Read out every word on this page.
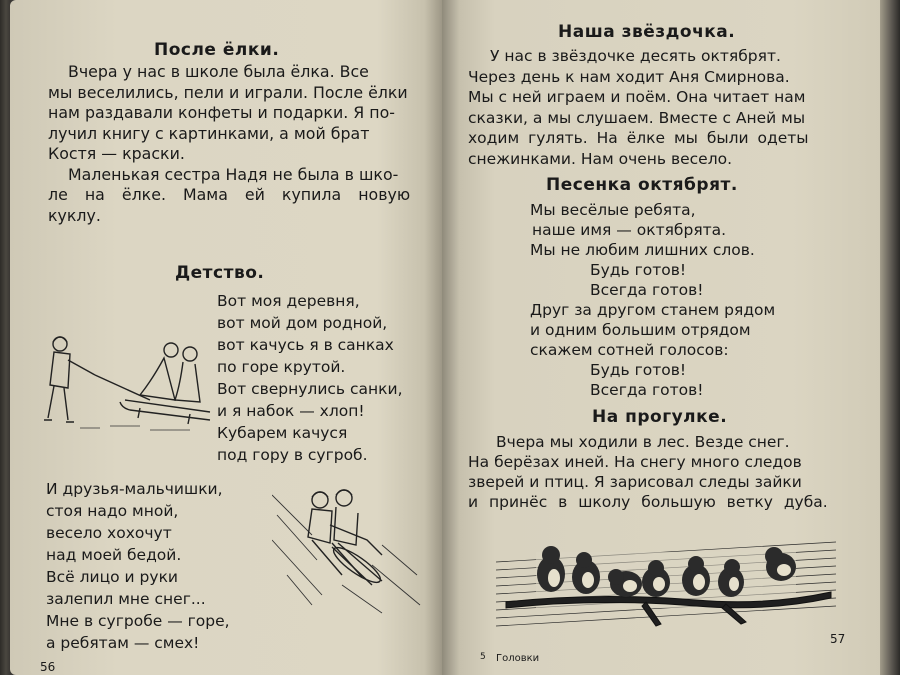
После ёлки.
Вчера у нас в школе была ёлка. Все
мы веселились, пели и играли. После ёлки
нам раздавали конфеты и подарки. Я по-
лучил книгу с картинками, а мой брат
Костя — краски.
Маленькая сестра Надя не была в шко-
ле на ёлке. Мама ей купила новую
куклу.
Детство.
Вот моя деревня,
вот мой дом родной,
вот качусь я в санках
по горе крутой.
Вот свернулись санки,
и я набок — хлоп!
Кубарем качуся
под гору в сугроб.
И друзья-мальчишки,
стоя надо мной,
весело хохочут
над моей бедой.
Всё лицо и руки
залепил мне снег...
Мне в сугробе — горе,
а ребятам — смех!
56
Наша звёздочка.
У нас в звёздочке десять октябрят.
Через день к нам ходит Аня Смирнова.
Мы с ней играем и поём. Она читает нам
сказки, а мы слушаем. Вместе с Аней мы
ходим гулять. На ёлке мы были одеты
снежинками. Нам очень весело.
Песенка октябрят.
Мы весёлые ребята,
наше имя — октябрята.
Мы не любим лишних слов.
Будь готов!
Всегда готов!
Друг за другом станем рядом
и одним большим отрядом
скажем сотней голосов:
Будь готов!
Всегда готов!
На прогулке.
Вчера мы ходили в лес. Везде снег.
На берёзах иней. На снегу много следов
зверей и птиц. Я зарисовал следы зайки
и принёс в школу большую ветку дуба.
5 Головки
57
